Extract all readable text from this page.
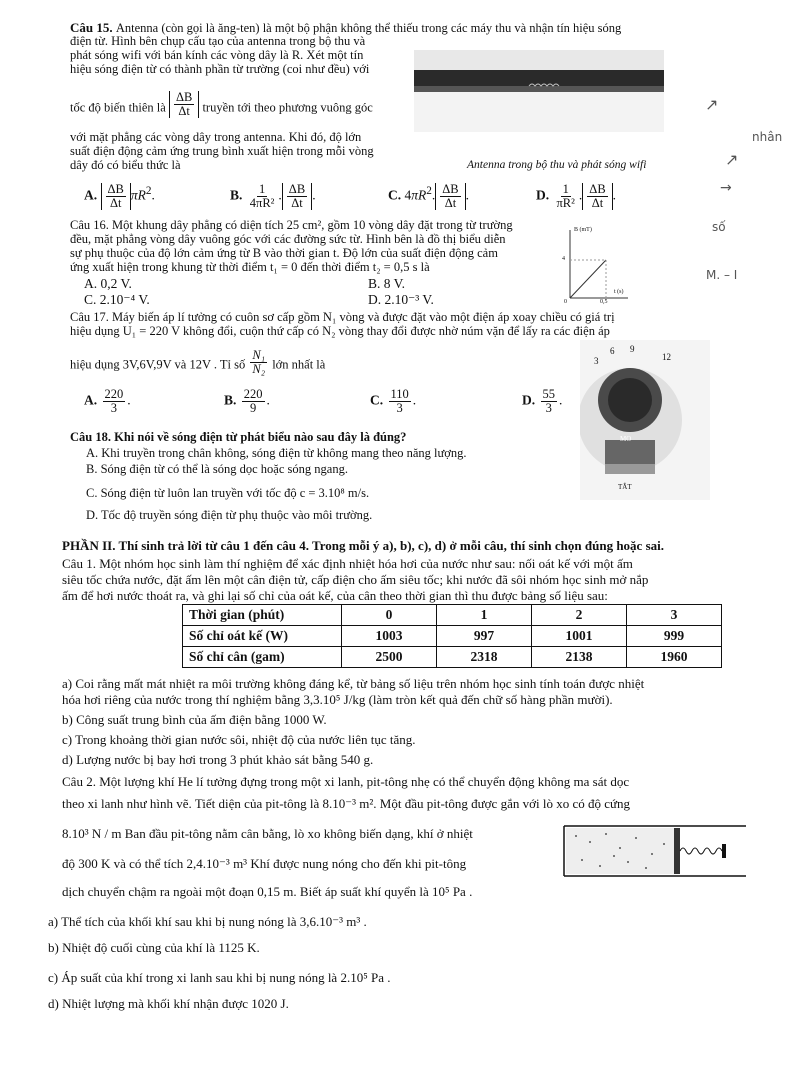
Câu 15. Antenna (còn gọi là ăng-ten) là một bộ phận không thể thiếu trong các máy thu và nhận tín hiệu sóng
điện từ. Hình bên chụp cấu tạo của antenna trong bộ thu và
phát sóng wifi với bán kính các vòng dây là R. Xét một tín
hiệu sóng điện từ có thành phần từ trường (coi như đều) với
tốc độ biến thiên là $\frac{\Delta B}{\Delta t}$ truyền tới theo phương vuông góc
với mặt phẳng các vòng dây trong antenna. Khi đó, độ lớn
suất điện động cảm ứng trung bình xuất hiện trong mỗi vòng
dây đó có biểu thức là	Antenna trong bộ thu và phát sóng wifi
A. $\frac{\Delta B}{\Delta t} \pi R^2$.	B. $\frac{1}{\text{4πR²}}$ . $\frac{\Delta B}{\Delta t}$ .	C. $4\pi R^2$. $\frac{\Delta B}{\Delta t}$ .	D. $\frac{1}{\text{πR²}}$ . $\frac{\Delta B}{\Delta t}$ .
Câu 16. Một khung dây phẳng có diện tích 25 cm², gồm 10 vòng dây đặt trong từ trường
đều, mặt phẳng vòng dây vuông góc với các đường sức từ. Hình bên là đồ thị biểu diễn
sự phụ thuộc của độ lớn cảm ứng từ B vào thời gian t. Độ lớn của suất điện động cảm
ứng xuất hiện trong khung từ thời điểm t₁ = 0 đến thời điểm t₂ = 0,5 s là
A. 0,2 V.	B. 8 V.
C. 2.10⁻⁴ V.	D. 2.10⁻³ V.
B (mT)
4
t (s)
0	0,5
Câu 17. Máy biến áp lí tưởng có cuôn sơ cấp gồm N₁ vòng và được đặt vào một điện áp xoay chiều có giá trị
hiệu dụng U₁ = 220 V không đổi, cuộn thứ cấp có N₂ vòng thay đổi được nhờ núm vặn để lấy ra các điện áp
hiệu dụng 3V,6V,9V và 12V . Tỉ số $\frac{\text{N₁}}{\text{N₂}}$ lớn nhất là
A. $\frac{220}{3}$ .	B. $\frac{220}{9}$ .	C. $\frac{110}{3}$ .	D. $\frac{55}{3}$ .
3
6 9
12
MO
TẮT
Câu 18. Khi nói về sóng điện từ phát biểu nào sau đây là đúng?
A. Khi truyền trong chân không, sóng điện từ không mang theo năng lượng.
B. Sóng điện từ có thể là sóng dọc hoặc sóng ngang.
C. Sóng điện từ luôn lan truyền với tốc độ c = 3.10⁸ m/s.
D. Tốc độ truyền sóng điện từ phụ thuộc vào môi trường.
PHẦN II. Thí sinh trả lời từ câu 1 đến câu 4. Trong mỗi ý a), b), c), d) ở mỗi câu, thí sinh chọn đúng hoặc sai.
Câu 1. Một nhóm học sinh làm thí nghiệm để xác định nhiệt hóa hơi của nước như sau: nối oát kế với một ấm
siêu tốc chứa nước, đặt ấm lên một cân điện tử, cấp điện cho ấm siêu tốc; khi nước đã sôi nhóm học sinh mở nắp
ấm để hơi nước thoát ra, và ghi lại số chỉ của oát kế, của cân theo thời gian thì thu được bảng số liệu sau:
Thời gian (phút)	0	1	2	3
Số chỉ oát kế (W)	1003	997	1001	999
Số chỉ cân (gam)	2500	2318	2138	1960
a) Coi rằng mất mát nhiệt ra môi trường không đáng kể, từ bảng số liệu trên nhóm học sinh tính toán được nhiệt
hóa hơi riêng của nước trong thí nghiệm bằng 3,3.10⁵ J/kg (làm tròn kết quả đến chữ số hàng phần mười).
b) Công suất trung bình của ấm điện bằng 1000 W.
c) Trong khoảng thời gian nước sôi, nhiệt độ của nước liên tục tăng.
d) Lượng nước bị bay hơi trong 3 phút khảo sát bằng 540 g.
Câu 2. Một lượng khí He lí tưởng đựng trong một xi lanh, pit-tông nhẹ có thể chuyển động không ma sát dọc
theo xi lanh như hình vẽ. Tiết diện của pit-tông là 8.10⁻³ m². Một đầu pit-tông được gắn với lò xo có độ cứng
8.10³ N / m Ban đầu pit-tông nằm cân bằng, lò xo không biến dạng, khí ở nhiệt
độ 300 K và có thể tích 2,4.10⁻³ m³ Khí được nung nóng cho đến khi pit-tông
dịch chuyển chậm ra ngoài một đoạn 0,15 m. Biết áp suất khí quyển là 10⁵ Pa .
a) Thể tích của khối khí sau khi bị nung nóng là 3,6.10⁻³ m³ .
b) Nhiệt độ cuối cùng của khí là 1125 K.
c) Áp suất của khí trong xi lanh sau khi bị nung nóng là 2.10⁵ Pa .
d) Nhiệt lượng mà khối khí nhận được 1020 J.
nhân
số
M. – I
↗
↗
→
